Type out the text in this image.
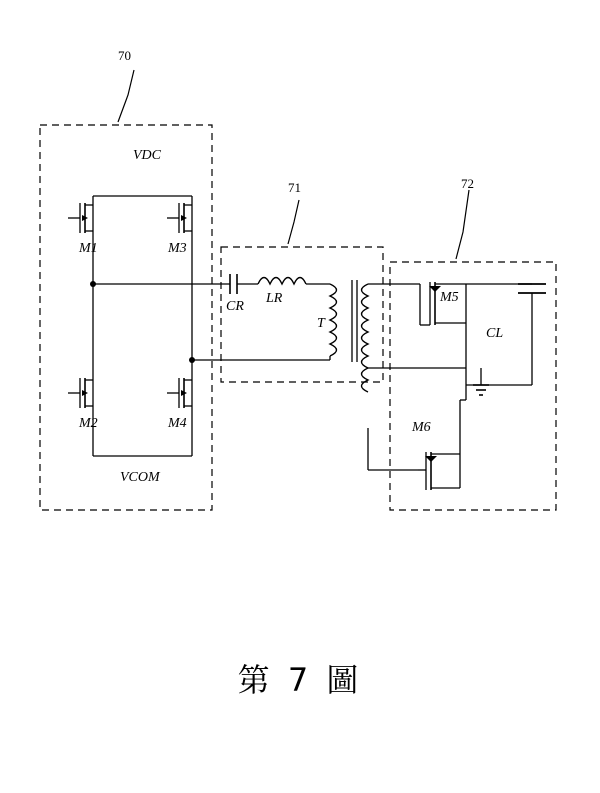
70
71	72
VDC
VCOM
M1
M2
M3
M4
CR
LR
T
M5
M6
CL
第 7 圖
